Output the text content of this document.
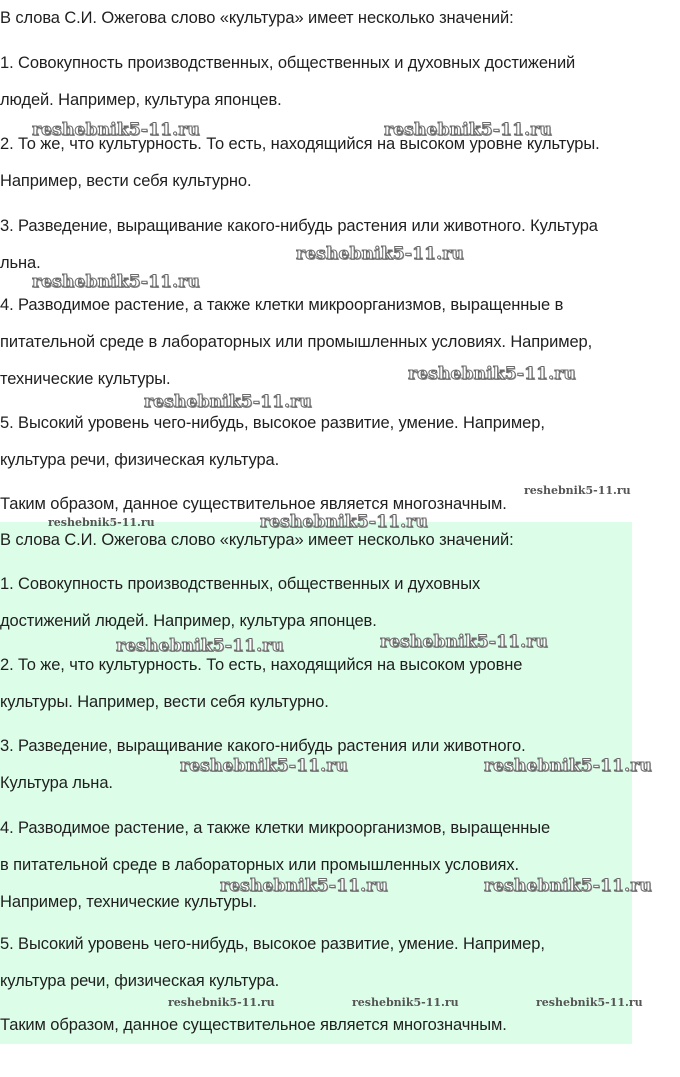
В слова С.И. Ожегова слово «культура» имеет несколько значений:

1. Совокупность производственных, общественных и духовных достижений
людей. Например, культура японцев.

2. То же, что культурность. То есть, находящийся на высоком уровне культуры.
Например, вести себя культурно.

3. Разведение, выращивание какого-нибудь растения или животного. Культура
льна.

4. Разводимое растение, а также клетки микроорганизмов, выращенные в
питательной среде в лабораторных или промышленных условиях. Например,
технические культуры.

5. Высокий уровень чего-нибудь, высокое развитие, умение. Например,
культура речи, физическая культура.

Таким образом, данное существительное является многозначным.

В слова С.И. Ожегова слово «культура» имеет несколько значений:

1. Совокупность производственных, общественных и духовных
достижений людей. Например, культура японцев.

2. То же, что культурность. То есть, находящийся на высоком уровне
культуры. Например, вести себя культурно.

3. Разведение, выращивание какого-нибудь растения или животного.
Культура льна.

4. Разводимое растение, а также клетки микроорганизмов, выращенные
в питательной среде в лабораторных или промышленных условиях.
Например, технические культуры.

5. Высокий уровень чего-нибудь, высокое развитие, умение. Например,
культура речи, физическая культура.

Таким образом, данное существительное является многозначным.

reshebnik5-11.ru	reshebnik5-11.ru
reshebnik5-11.ru
reshebnik5-11.ru
reshebnik5-11.ru
reshebnik5-11.ru
reshebnik5-11.ru
reshebnik5-11.ru	reshebnik5-11.ru
reshebnik5-11.ru	reshebnik5-11.ru
reshebnik5-11.ru	reshebnik5-11.ru
reshebnik5-11.ru	reshebnik5-11.ru
reshebnik5-11.ru	reshebnik5-11.ru	reshebnik5-11.ru
